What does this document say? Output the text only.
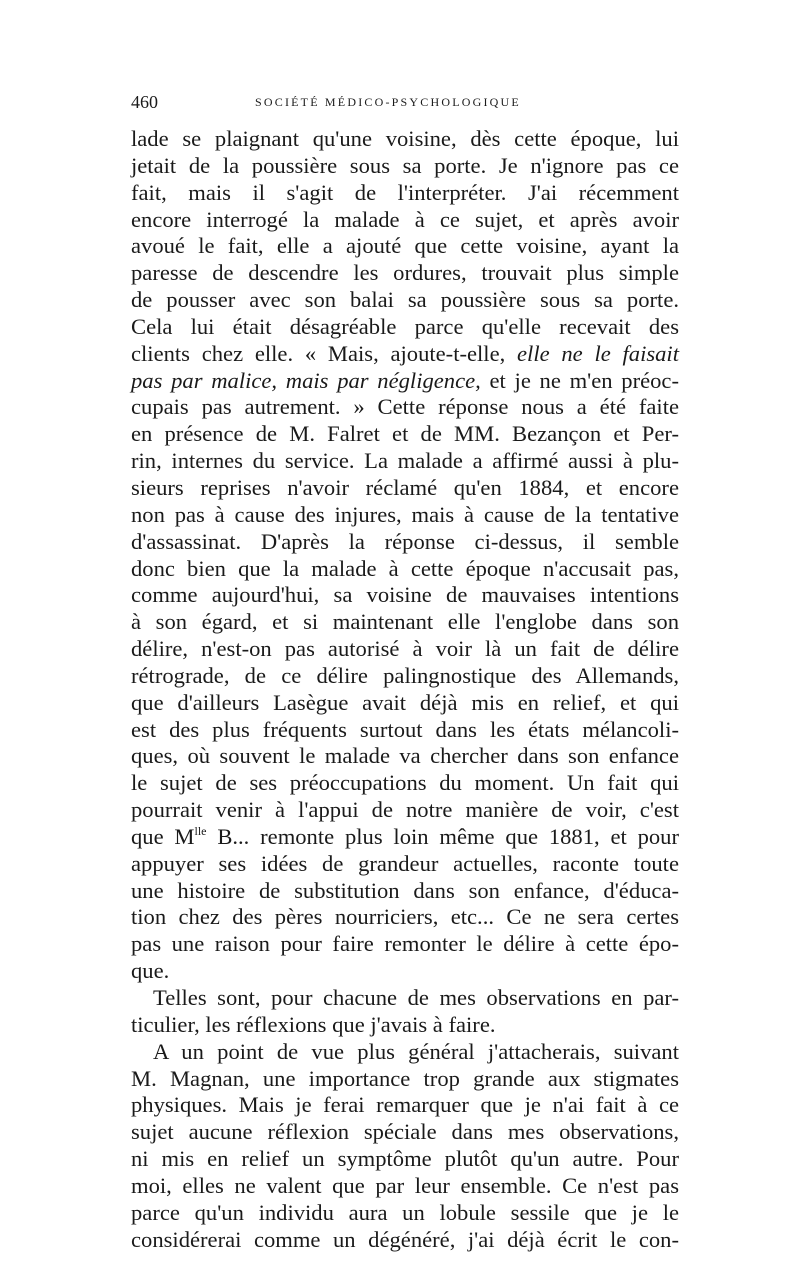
460	SOCIÉTÉ MÉDICO-PSYCHOLOGIQUE
lade se plaignant qu'une voisine, dès cette époque, lui
jetait de la poussière sous sa porte. Je n'ignore pas ce
fait, mais il s'agit de l'interpréter. J'ai récemment
encore interrogé la malade à ce sujet, et après avoir
avoué le fait, elle a ajouté que cette voisine, ayant la
paresse de descendre les ordures, trouvait plus simple
de pousser avec son balai sa poussière sous sa porte.
Cela lui était désagréable parce qu'elle recevait des
clients chez elle. « Mais, ajoute-t-elle, elle ne le faisait
pas par malice, mais par négligence, et je ne m'en préoc-
cupais pas autrement. » Cette réponse nous a été faite
en présence de M. Falret et de MM. Bezançon et Per-
rin, internes du service. La malade a affirmé aussi à plu-
sieurs reprises n'avoir réclamé qu'en 1884, et encore
non pas à cause des injures, mais à cause de la tentative
d'assassinat. D'après la réponse ci-dessus, il semble
donc bien que la malade à cette époque n'accusait pas,
comme aujourd'hui, sa voisine de mauvaises intentions
à son égard, et si maintenant elle l'englobe dans son
délire, n'est-on pas autorisé à voir là un fait de délire
rétrograde, de ce délire palingnostique des Allemands,
que d'ailleurs Lasègue avait déjà mis en relief, et qui
est des plus fréquents surtout dans les états mélancoli-
ques, où souvent le malade va chercher dans son enfance
le sujet de ses préoccupations du moment. Un fait qui
pourrait venir à l'appui de notre manière de voir, c'est
que $M^{lle}$ B... remonte plus loin même que 1881, et pour
appuyer ses idées de grandeur actuelles, raconte toute
une histoire de substitution dans son enfance, d'éduca-
tion chez des pères nourriciers, etc... Ce ne sera certes
pas une raison pour faire remonter le délire à cette épo-
que.
Telles sont, pour chacune de mes observations en par-
ticulier, les réflexions que j'avais à faire.
A un point de vue plus général j'attacherais, suivant
M. Magnan, une importance trop grande aux stigmates
physiques. Mais je ferai remarquer que je n'ai fait à ce
sujet aucune réflexion spéciale dans mes observations,
ni mis en relief un symptôme plutôt qu'un autre. Pour
moi, elles ne valent que par leur ensemble. Ce n'est pas
parce qu'un individu aura un lobule sessile que je le
considérerai comme un dégénéré, j'ai déjà écrit le con-
